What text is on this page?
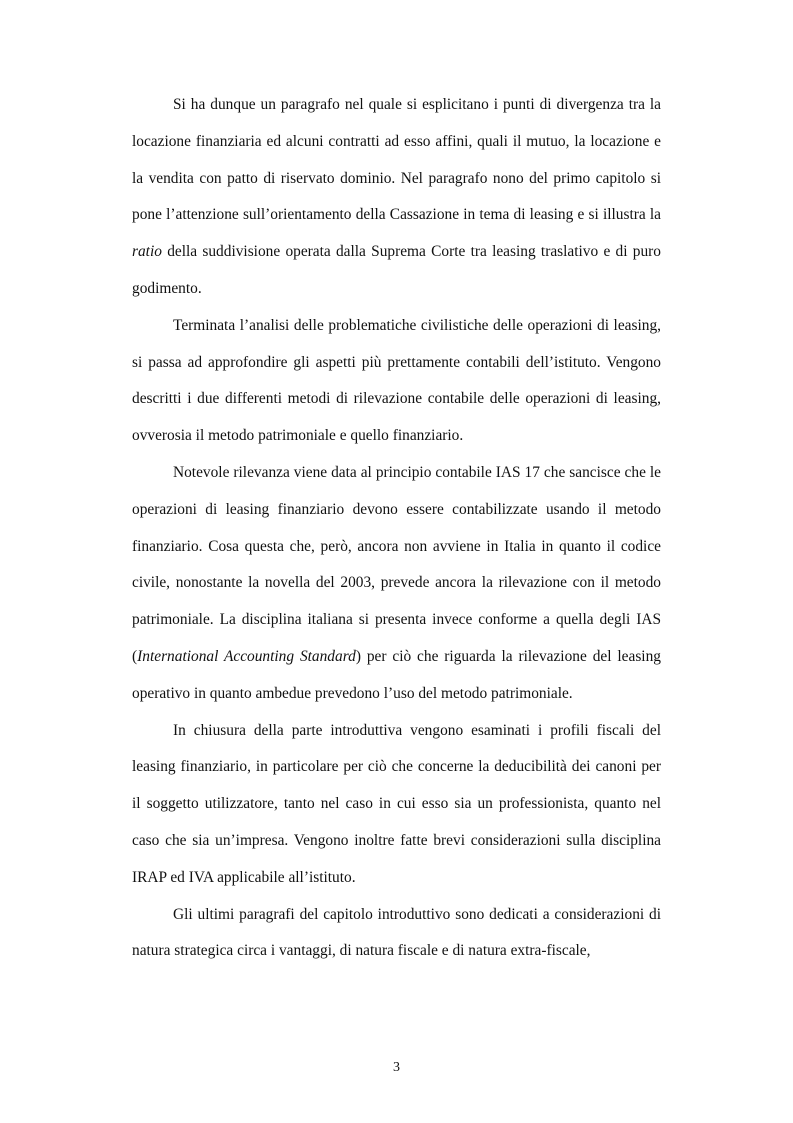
Si ha dunque un paragrafo nel quale si esplicitano i punti di divergenza tra la locazione finanziaria ed alcuni contratti ad esso affini, quali il mutuo, la locazione e la vendita con patto di riservato dominio. Nel paragrafo nono del primo capitolo si pone l’attenzione sull’orientamento della Cassazione in tema di leasing e si illustra la ratio della suddivisione operata dalla Suprema Corte tra leasing traslativo e di puro godimento.

Terminata l’analisi delle problematiche civilistiche delle operazioni di leasing, si passa ad approfondire gli aspetti più prettamente contabili dell’istituto. Vengono descritti i due differenti metodi di rilevazione contabile delle operazioni di leasing, ovverosia il metodo patrimoniale e quello finanziario.

Notevole rilevanza viene data al principio contabile IAS 17 che sancisce che le operazioni di leasing finanziario devono essere contabilizzate usando il metodo finanziario. Cosa questa che, però, ancora non avviene in Italia in quanto il codice civile, nonostante la novella del 2003, prevede ancora la rilevazione con il metodo patrimoniale. La disciplina italiana si presenta invece conforme a quella degli IAS (International Accounting Standard) per ciò che riguarda la rilevazione del leasing operativo in quanto ambedue prevedono l’uso del metodo patrimoniale.

In chiusura della parte introduttiva vengono esaminati i profili fiscali del leasing finanziario, in particolare per ciò che concerne la deducibilità dei canoni per il soggetto utilizzatore, tanto nel caso in cui esso sia un professionista, quanto nel caso che sia un’impresa. Vengono inoltre fatte brevi considerazioni sulla disciplina IRAP ed IVA applicabile all’istituto.

Gli ultimi paragrafi del capitolo introduttivo sono dedicati a considerazioni di natura strategica circa i vantaggi, di natura fiscale e di natura extra-fiscale,

3
